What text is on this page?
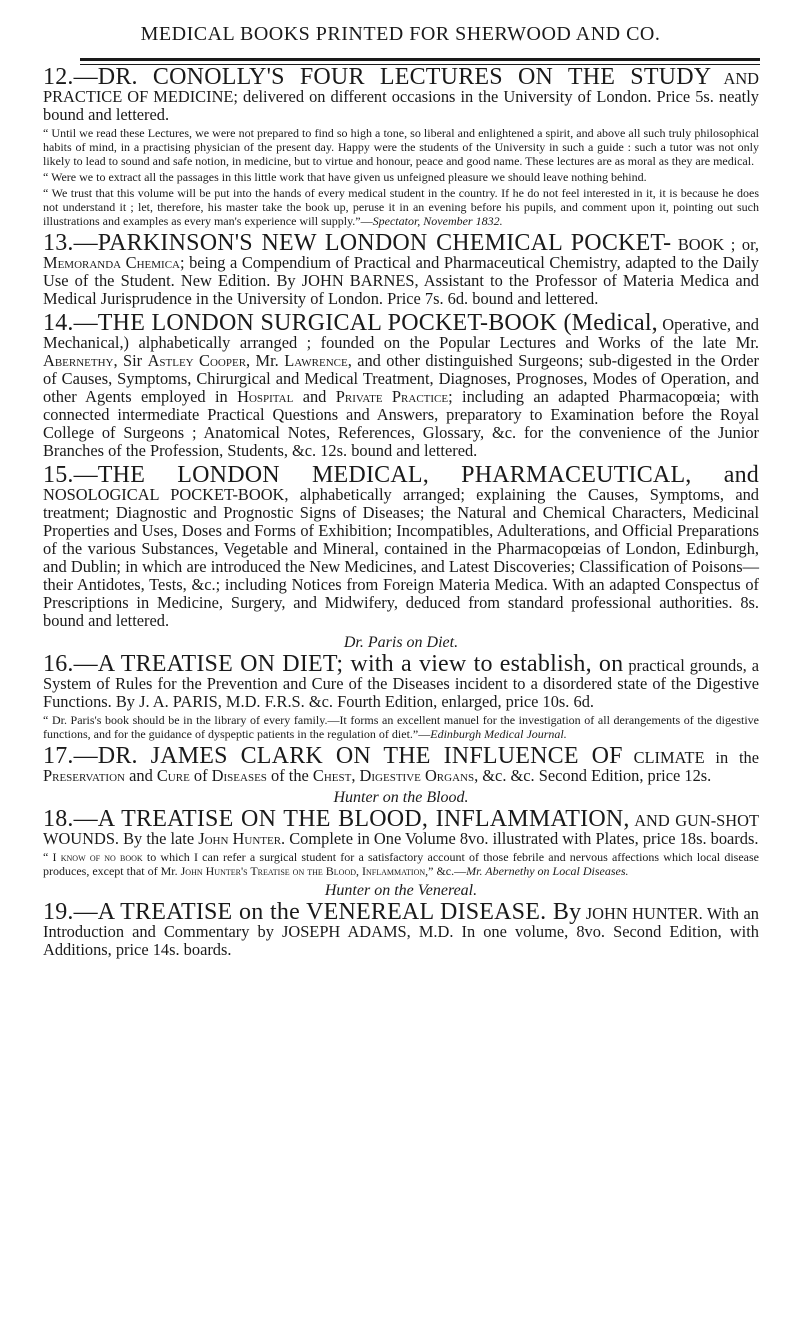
MEDICAL BOOKS PRINTED FOR SHERWOOD AND CO.

12.—DR. CONOLLY'S FOUR LECTURES ON THE STUDY AND PRACTICE OF MEDICINE; delivered on different occasions in the University of London. Price 5s. neatly bound and lettered.

“ Until we read these Lectures, we were not prepared to find so high a tone, so liberal and enlightened a spirit, and above all such truly philosophical habits of mind, in a practising physician of the present day. Happy were the students of the University in such a guide : such a tutor was not only likely to lead to sound and safe notion, in medicine, but to virtue and honour, peace and good name. These lectures are as moral as they are medical.

“ Were we to extract all the passages in this little work that have given us unfeigned pleasure we should leave nothing behind.

“ We trust that this volume will be put into the hands of every medical student in the country. If he do not feel interested in it, it is because he does not understand it ; let, therefore, his master take the book up, peruse it in an evening before his pupils, and comment upon it, pointing out such illustrations and examples as every man's experience will supply.”—Spectator, November 1832.

13.—PARKINSON'S NEW LONDON CHEMICAL POCKET- BOOK ; or, Memoranda Chemica; being a Compendium of Practical and Pharmaceutical Chemistry, adapted to the Daily Use of the Student. New Edition. By JOHN BARNES, Assistant to the Professor of Materia Medica and Medical Jurisprudence in the University of London. Price 7s. 6d. bound and lettered.

14.—THE LONDON SURGICAL POCKET-BOOK (Medical, Operative, and Mechanical,) alphabetically arranged ; founded on the Popular Lectures and Works of the late Mr. Abernethy, Sir Astley Cooper, Mr. Lawrence, and other distinguished Surgeons; sub-digested in the Order of Causes, Symptoms, Chirurgical and Medical Treatment, Diagnoses, Prognoses, Modes of Operation, and other Agents employed in Hospital and Private Practice; including an adapted Pharmacopœia; with connected intermediate Practical Questions and Answers, preparatory to Examination before the Royal College of Surgeons ; Anatomical Notes, References, Glossary, &c. for the convenience of the Junior Branches of the Profession, Students, &c. 12s. bound and lettered.

15.—THE LONDON MEDICAL, PHARMACEUTICAL, and NOSOLOGICAL POCKET-BOOK, alphabetically arranged; explaining the Causes, Symptoms, and treatment; Diagnostic and Prognostic Signs of Diseases; the Natural and Chemical Characters, Medicinal Properties and Uses, Doses and Forms of Exhibition; Incompatibles, Adulterations, and Official Preparations of the various Substances, Vegetable and Mineral, contained in the Pharmacopœias of London, Edinburgh, and Dublin; in which are introduced the New Medicines, and Latest Discoveries; Classification of Poisons—their Antidotes, Tests, &c.; including Notices from Foreign Materia Medica. With an adapted Conspectus of Prescriptions in Medicine, Surgery, and Midwifery, deduced from standard professional authorities. 8s. bound and lettered.

Dr. Paris on Diet.

16.—A TREATISE ON DIET; with a view to establish, on practical grounds, a System of Rules for the Prevention and Cure of the Diseases incident to a disordered state of the Digestive Functions. By J. A. PARIS, M.D. F.R.S. &c. Fourth Edition, enlarged, price 10s. 6d.

“ Dr. Paris's book should be in the library of every family.—It forms an excellent manuel for the investigation of all derangements of the digestive functions, and for the guidance of dyspeptic patients in the regulation of diet.”—Edinburgh Medical Journal.

17.—DR. JAMES CLARK ON THE INFLUENCE OF CLIMATE in the Preservation and Cure of Diseases of the Chest, Digestive Organs, &c. &c. Second Edition, price 12s.

Hunter on the Blood.

18.—A TREATISE ON THE BLOOD, INFLAMMATION, AND GUN-SHOT WOUNDS. By the late John Hunter. Complete in One Volume 8vo. illustrated with Plates, price 18s. boards.

“ I know of no book to which I can refer a surgical student for a satisfactory account of those febrile and nervous affections which local disease produces, except that of Mr. John Hunter's Treatise on the Blood, Inflammation,” &c.—Mr. Abernethy on Local Diseases.

Hunter on the Venereal.

19.—A TREATISE on the VENEREAL DISEASE. By JOHN HUNTER. With an Introduction and Commentary by JOSEPH ADAMS, M.D. In one volume, 8vo. Second Edition, with Additions, price 14s. boards.
